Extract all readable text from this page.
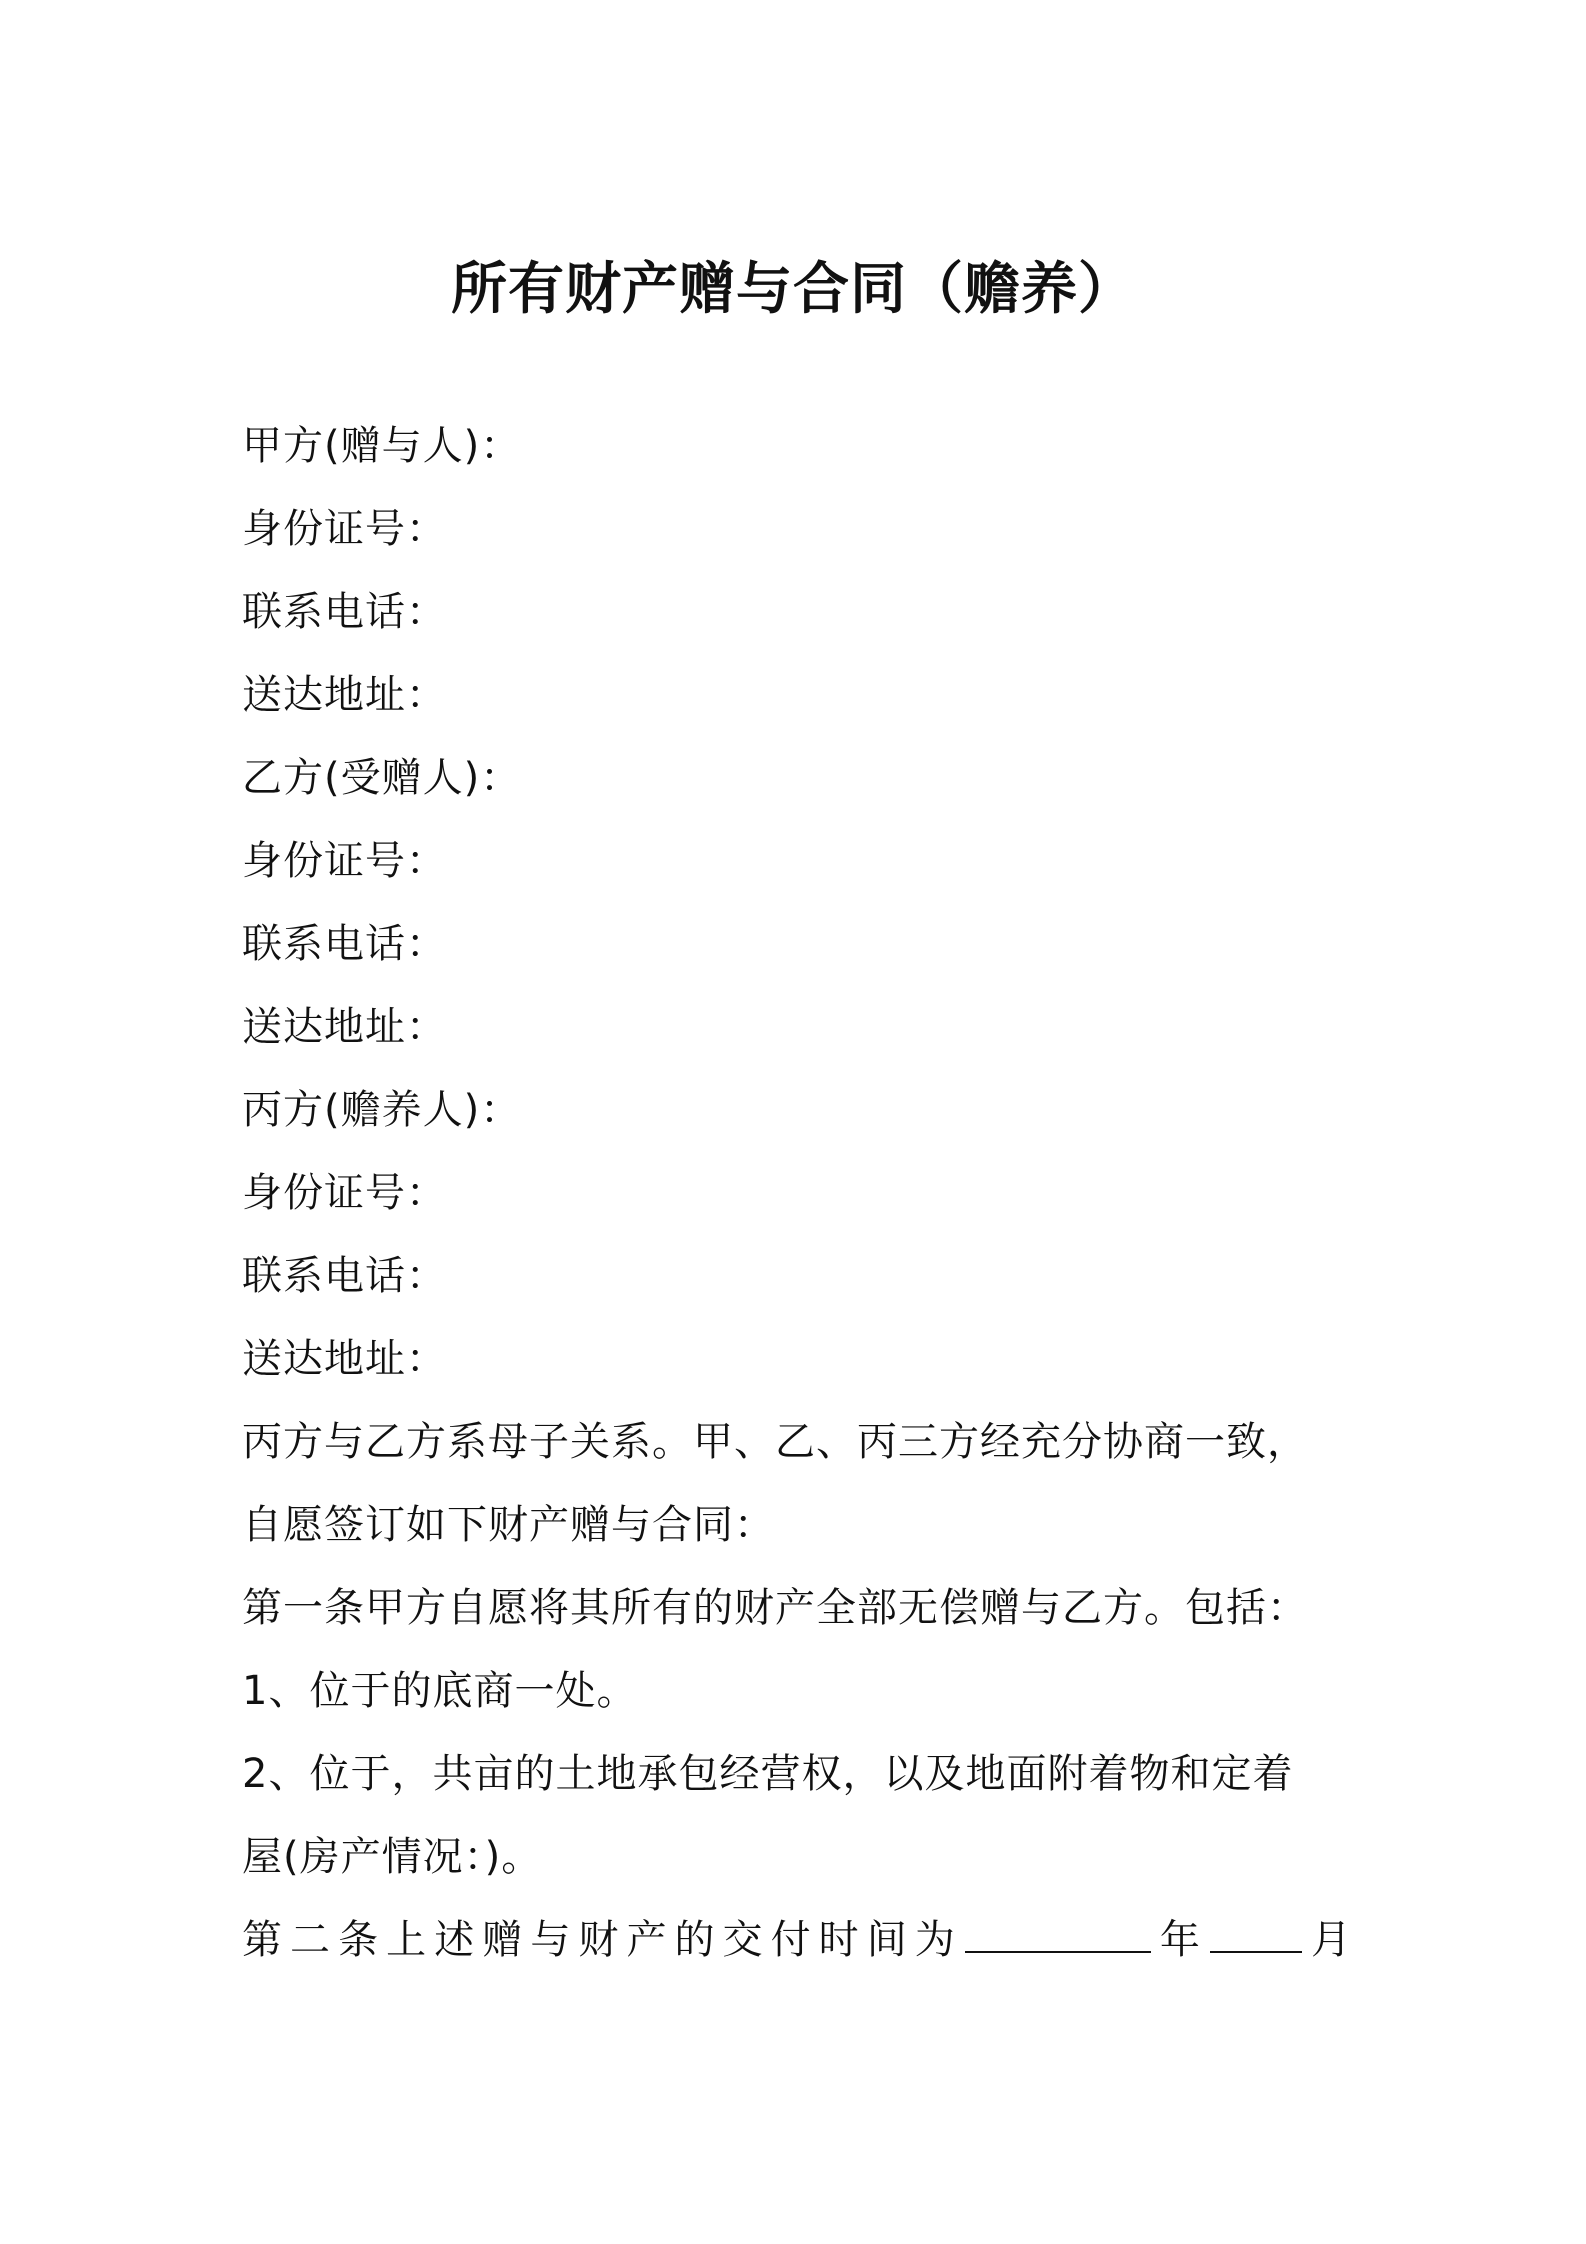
所有财产赠与合同（赡养）
甲方(赠与人)：
身份证号：
联系电话：
送达地址：
乙方(受赠人)：
身份证号：
联系电话：
送达地址：
丙方(赡养人)：
身份证号：
联系电话：
送达地址：
丙方与乙方系母子关系。甲、乙、丙三方经充分协商一致，
自愿签订如下财产赠与合同：
第一条甲方自愿将其所有的财产全部无偿赠与乙方。包括：
1、位于的底商一处。
2、位于，共亩的土地承包经营权，以及地面附着物和定着
屋(房产情况：)。
第二条上述赠与财产的交付时间为	年 月
